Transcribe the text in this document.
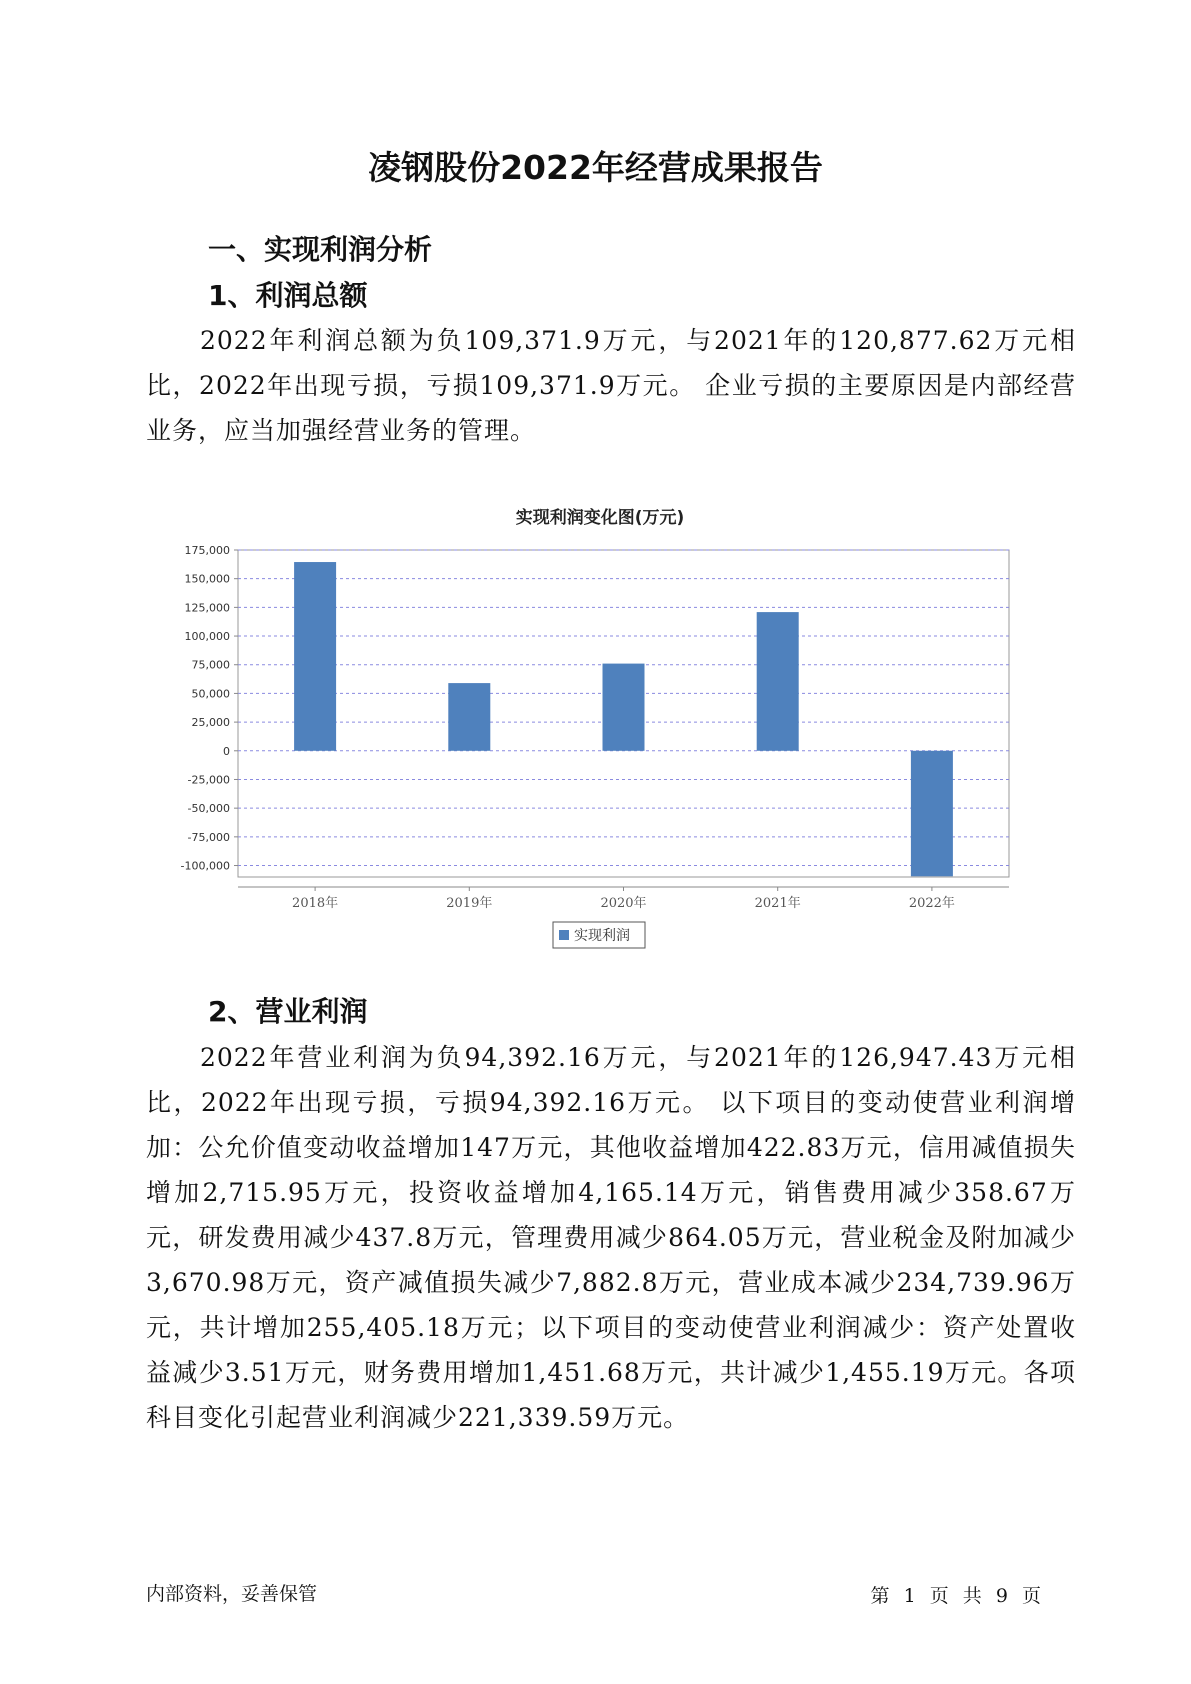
凌钢股份2022年经营成果报告
一、实现利润分析
1、利润总额
2022年利润总额为负109,371.9万元，与2021年的120,877.62万元相比，2022年出现亏损，亏损109,371.9万元。 企业亏损的主要原因是内部经营业务，应当加强经营业务的管理。
实现利润变化图(万元)
175,000
150,000
125,000
100,000
75,000
50,000
25,000
0
-25,000
-50,000
-75,000
-100,000
2018年	2019年	2020年	2021年	2022年
实现利润
2、营业利润
2022年营业利润为负94,392.16万元，与2021年的126,947.43万元相比，2022年出现亏损，亏损94,392.16万元。 以下项目的变动使营业利润增加：公允价值变动收益增加147万元，其他收益增加422.83万元，信用减值损失增加2,715.95万元，投资收益增加4,165.14万元，销售费用减少358.67万元，研发费用减少437.8万元，管理费用减少864.05万元，营业税金及附加减少3,670.98万元，资产减值损失减少7,882.8万元，营业成本减少234,739.96万元，共计增加255,405.18万元；以下项目的变动使营业利润减少：资产处置收益减少3.51万元，财务费用增加1,451.68万元，共计减少1,455.19万元。各项科目变化引起营业利润减少221,339.59万元。
内部资料，妥善保管	第 1 页 共 9 页
